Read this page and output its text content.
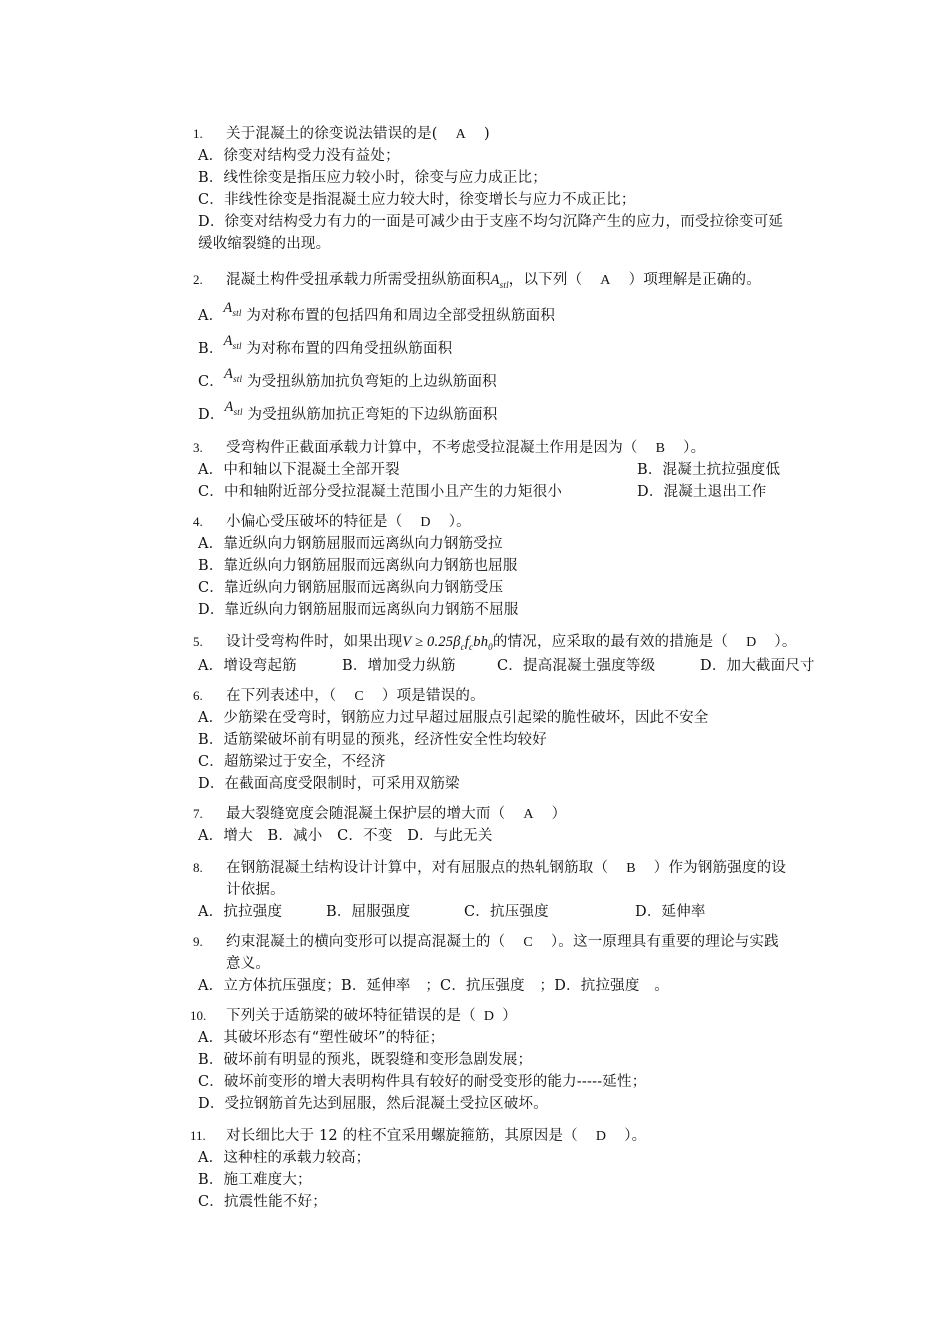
1. 关于混凝土的徐变说法错误的是( A )
A．徐变对结构受力没有益处；
B．线性徐变是指压应力较小时，徐变与应力成正比；
C．非线性徐变是指混凝土应力较大时，徐变增长与应力不成正比；
D．徐变对结构受力有力的一面是可减少由于支座不均匀沉降产生的应力，而受拉徐变可延
缓收缩裂缝的出现。
2. 混凝土构件受扭承载力所需受扭纵筋面积$A_{stl}$，以下列（ A ）项理解是正确的。
A．$A_{stl}$ 为对称布置的包括四角和周边全部受扭纵筋面积
B．$A_{stl}$ 为对称布置的四角受扭纵筋面积
C．$A_{stl}$ 为受扭纵筋加抗负弯矩的上边纵筋面积
D．$A_{stl}$ 为受扭纵筋加抗正弯矩的下边纵筋面积
3. 受弯构件正截面承载力计算中，不考虑受拉混凝土作用是因为（ B ）。
A．中和轴以下混凝土全部开裂	B．混凝土抗拉强度低
C．中和轴附近部分受拉混凝土范围小且产生的力矩很小	D．混凝土退出工作
4. 小偏心受压破坏的特征是（ D ）。
A．靠近纵向力钢筋屈服而远离纵向力钢筋受拉
B．靠近纵向力钢筋屈服而远离纵向力钢筋也屈服
C．靠近纵向力钢筋屈服而远离纵向力钢筋受压
D．靠近纵向力钢筋屈服而远离纵向力钢筋不屈服
5. 设计受弯构件时，如果出现$V \ge 0.25\beta_cf_cbh_0$的情况，应采取的最有效的措施是（ D ）。
A．增设弯起筋	B．增加受力纵筋	C．提高混凝土强度等级	D．加大截面尺寸
6. 在下列表述中，（ C ）项是错误的。
A．少筋梁在受弯时，钢筋应力过早超过屈服点引起梁的脆性破坏，因此不安全
B．适筋梁破坏前有明显的预兆，经济性安全性均较好
C．超筋梁过于安全，不经济
D．在截面高度受限制时，可采用双筋梁
7. 最大裂缝宽度会随混凝土保护层的增大而（ A ）
A．增大　B．减小　C．不变　D．与此无关
8. 在钢筋混凝土结构设计计算中，对有屈服点的热轧钢筋取（ B ）作为钢筋强度的设
计依据。
A．抗拉强度	B．屈服强度	C．抗压强度	D．延伸率
9. 约束混凝土的横向变形可以提高混凝土的（ C ）。这一原理具有重要的理论与实践
意义。
A．立方体抗压强度；B．延伸率　；C．抗压强度　；D．抗拉强度　。
10. 下列关于适筋梁的破坏特征错误的是（ D ）
A．其破坏形态有“塑性破坏”的特征；
B．破坏前有明显的预兆，既裂缝和变形急剧发展；
C．破坏前变形的增大表明构件具有较好的耐受变形的能力-----延性；
D．受拉钢筋首先达到屈服，然后混凝土受拉区破坏。
11. 对长细比大于 12 的柱不宜采用螺旋箍筋，其原因是（ D ）。
A．这种柱的承载力较高；
B．施工难度大；
C．抗震性能不好；
